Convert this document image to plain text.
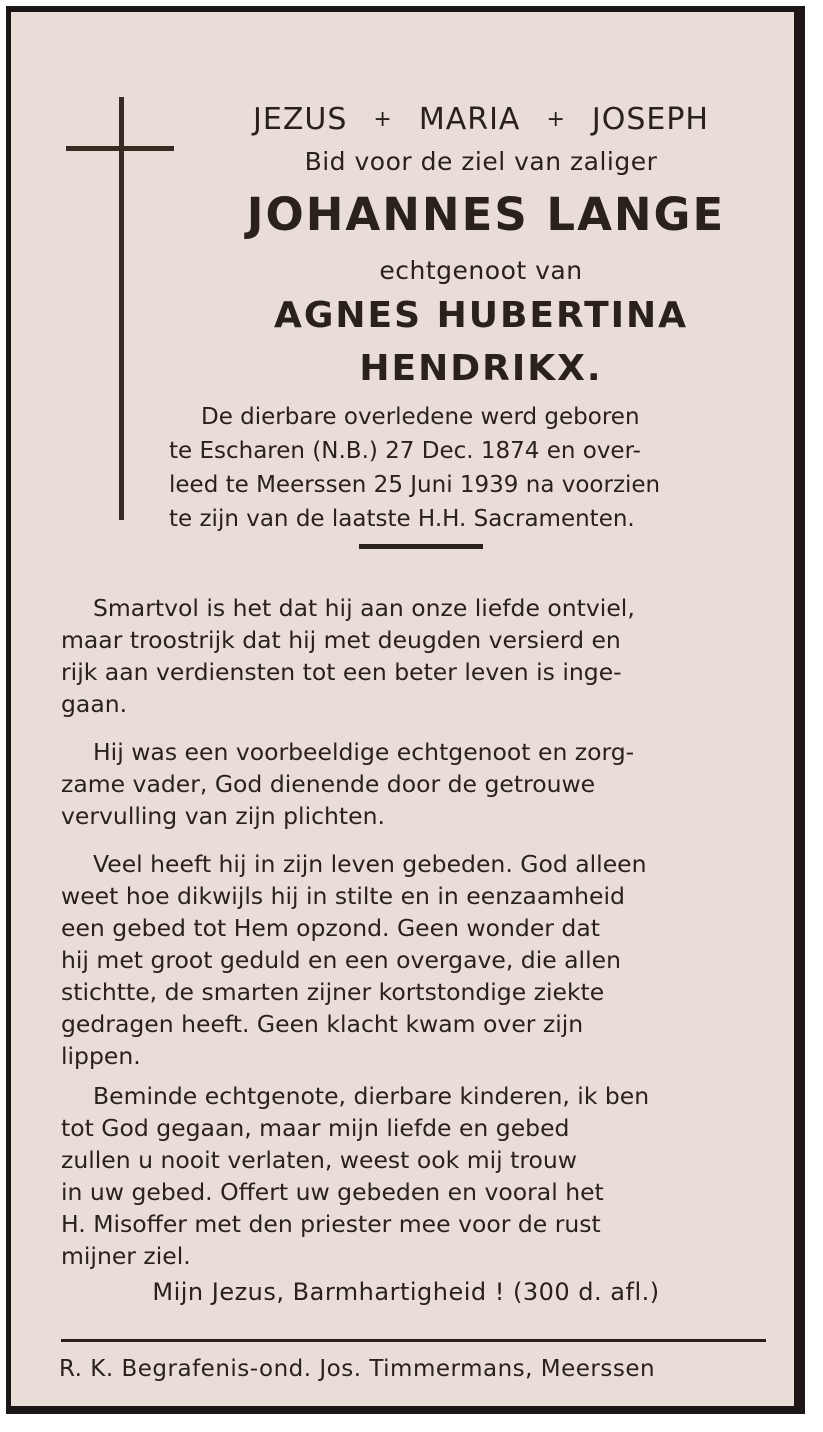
JEZUS + MARIA + JOSEPH
Bid voor de ziel van zaliger
JOHANNES LANGE
echtgenoot van
AGNES HUBERTINA
HENDRIKX.
De dierbare overledene werd geboren
te Escharen (N.B.) 27 Dec. 1874 en over-
leed te Meerssen 25 Juni 1939 na voorzien
te zijn van de laatste H.H. Sacramenten.
Smartvol is het dat hij aan onze liefde ontviel,
maar troostrijk dat hij met deugden versierd en
rijk aan verdiensten tot een beter leven is inge-
gaan.
Hij was een voorbeeldige echtgenoot en zorg-
zame vader, God dienende door de getrouwe
vervulling van zijn plichten.
Veel heeft hij in zijn leven gebeden. God alleen
weet hoe dikwijls hij in stilte en in eenzaamheid
een gebed tot Hem opzond. Geen wonder dat
hij met groot geduld en een overgave, die allen
stichtte, de smarten zijner kortstondige ziekte
gedragen heeft. Geen klacht kwam over zijn
lippen.
Beminde echtgenote, dierbare kinderen, ik ben
tot God gegaan, maar mijn liefde en gebed
zullen u nooit verlaten, weest ook mij trouw
in uw gebed. Offert uw gebeden en vooral het
H. Misoffer met den priester mee voor de rust
mijner ziel.
Mijn Jezus, Barmhartigheid ! (300 d. afl.)
R. K. Begrafenis-ond. Jos. Timmermans, Meerssen
